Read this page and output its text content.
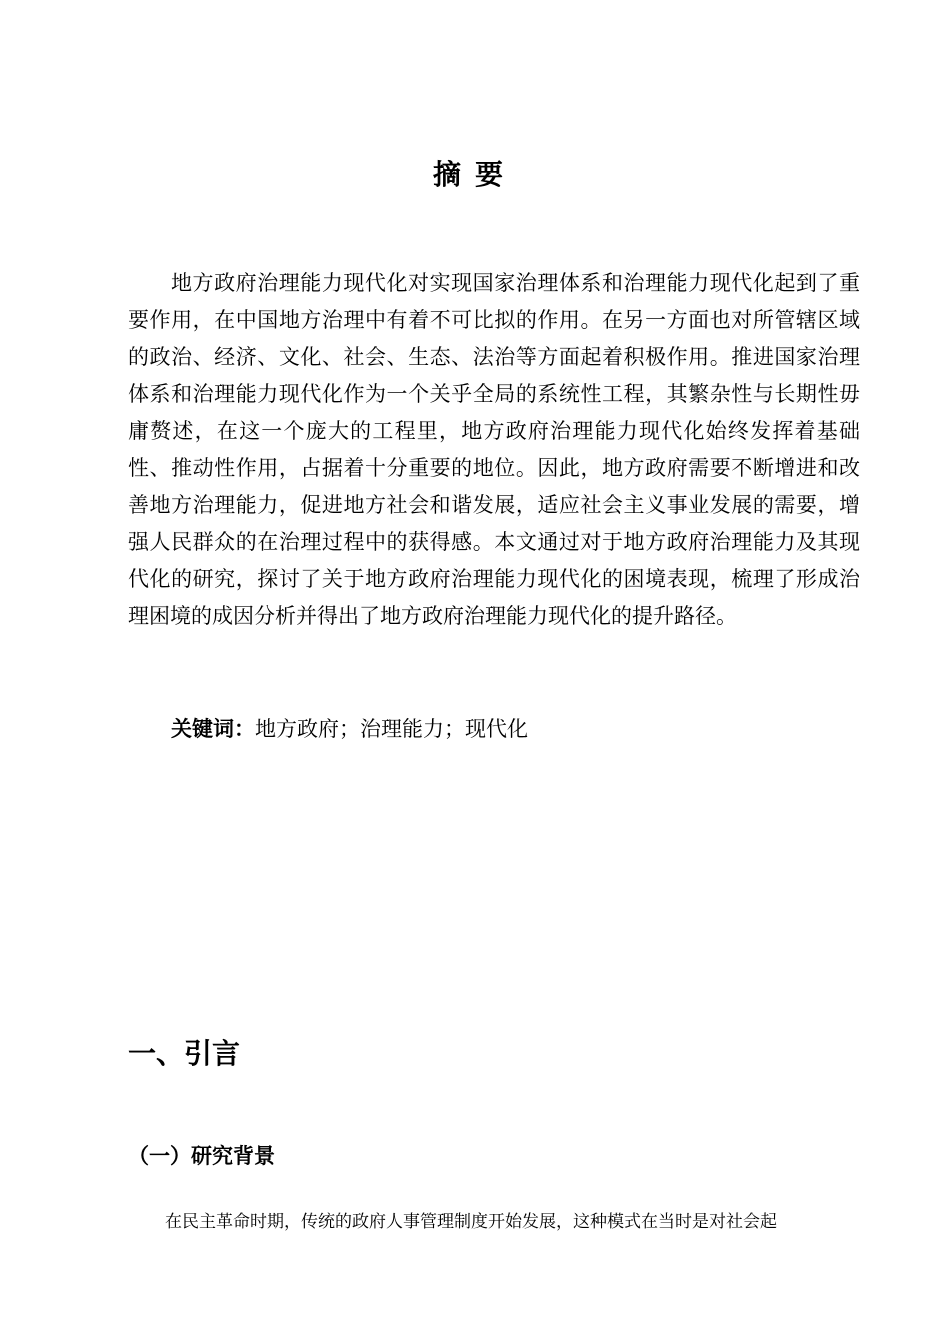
摘要

地方政府治理能力现代化对实现国家治理体系和治理能力现代化起到了重要作用，在中国地方治理中有着不可比拟的作用。在另一方面也对所管辖区域的政治、经济、文化、社会、生态、法治等方面起着积极作用。推进国家治理体系和治理能力现代化作为一个关乎全局的系统性工程，其繁杂性与长期性毋庸赘述，在这一个庞大的工程里，地方政府治理能力现代化始终发挥着基础性、推动性作用，占据着十分重要的地位。因此，地方政府需要不断增进和改善地方治理能力，促进地方社会和谐发展，适应社会主义事业发展的需要，增强人民群众的在治理过程中的获得感。本文通过对于地方政府治理能力及其现代化的研究，探讨了关于地方政府治理能力现代化的困境表现，梳理了形成治理困境的成因分析并得出了地方政府治理能力现代化的提升路径。

关键词：地方政府；治理能力；现代化

一、引言
（一）研究背景

在民主革命时期，传统的政府人事管理制度开始发展，这种模式在当时是对社会起
